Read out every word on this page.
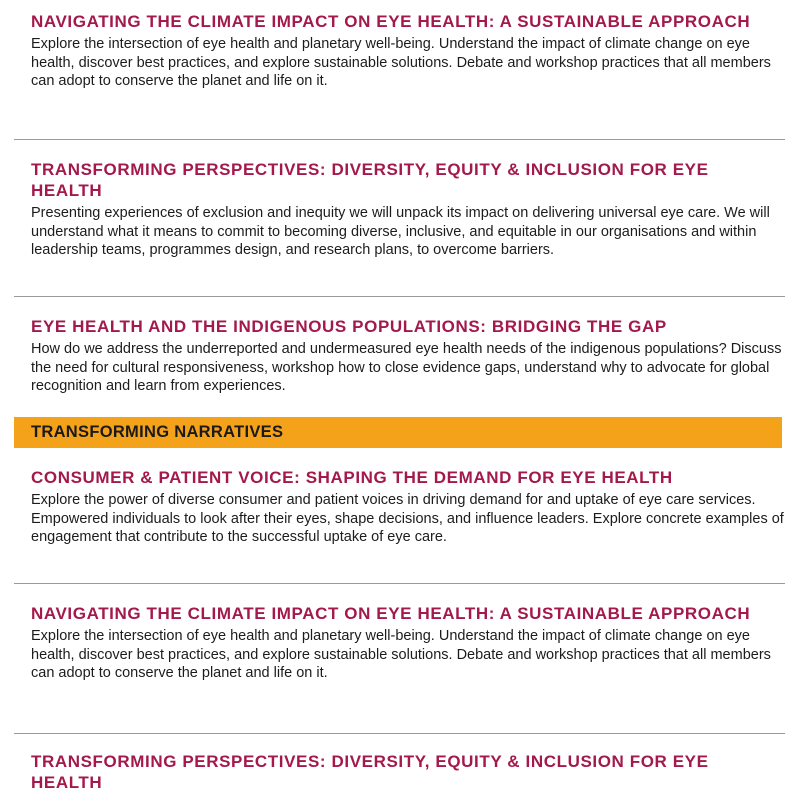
NAVIGATING THE CLIMATE IMPACT ON EYE HEALTH: A SUSTAINABLE APPROACH
Explore the intersection of eye health and planetary well-being. Understand the impact of climate change on eye health, discover best practices, and explore sustainable solutions. Debate and workshop practices that all members can adopt to conserve the planet and life on it.
TRANSFORMING PERSPECTIVES: DIVERSITY, EQUITY & INCLUSION FOR EYE HEALTH
Presenting experiences of exclusion and inequity we will unpack its impact on delivering universal eye care. We will understand what it means to commit to becoming diverse, inclusive, and equitable in our organisations and within leadership teams, programmes design, and research plans, to overcome barriers.
EYE HEALTH AND THE INDIGENOUS POPULATIONS: BRIDGING THE GAP
How do we address the underreported and undermeasured eye health needs of the indigenous populations? Discuss the need for cultural responsiveness, workshop how to close evidence gaps, understand why to advocate for global recognition and learn from experiences.
TRANSFORMING NARRATIVES
CONSUMER & PATIENT VOICE: SHAPING THE DEMAND FOR EYE HEALTH
Explore the power of diverse consumer and patient voices in driving demand for and uptake of eye care services. Empowered individuals to look after their eyes, shape decisions, and influence leaders. Explore concrete examples of engagement that contribute to the successful uptake of eye care.
NAVIGATING THE CLIMATE IMPACT ON EYE HEALTH: A SUSTAINABLE APPROACH
Explore the intersection of eye health and planetary well-being. Understand the impact of climate change on eye health, discover best practices, and explore sustainable solutions. Debate and workshop practices that all members can adopt to conserve the planet and life on it.
TRANSFORMING PERSPECTIVES: DIVERSITY, EQUITY & INCLUSION FOR EYE HEALTH
